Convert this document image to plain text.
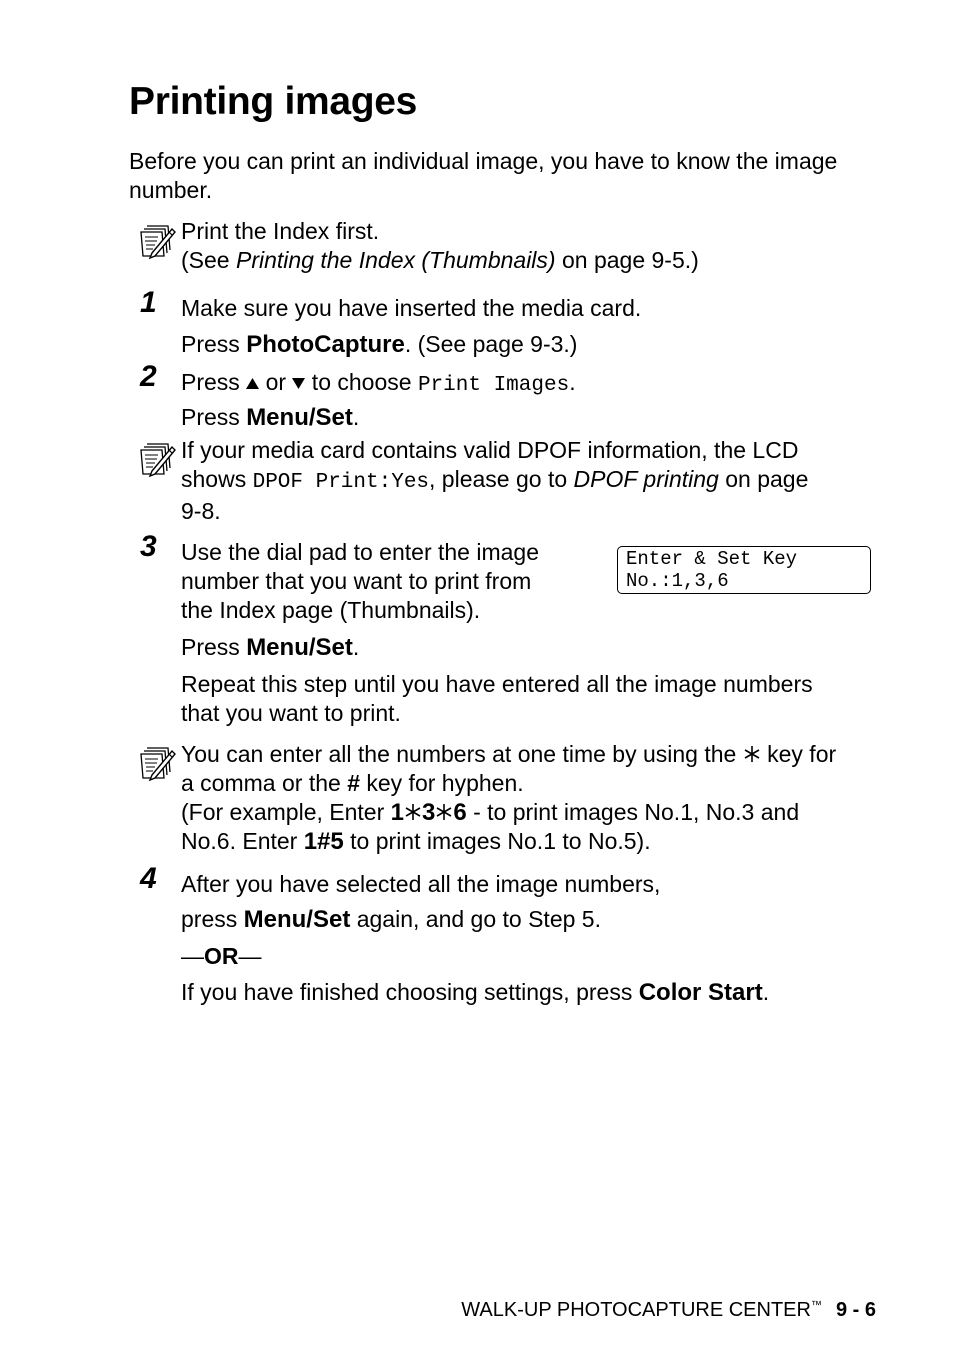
Printing images

Before you can print an individual image, you have to know the image number.

Print the Index first.
(See Printing the Index (Thumbnails) on page 9-5.)

1 Make sure you have inserted the media card.

Press PhotoCapture. (See page 9-3.)

2 Press  or  to choose Print Images.

Press Menu/Set.

If your media card contains valid DPOF information, the LCD
shows DPOF Print:Yes, please go to DPOF printing on page
9-8.

3 Use the dial pad to enter the image
number that you want to print from
the Index page (Thumbnails).

Enter & Set Key
No.:1,3,6

Press Menu/Set.

Repeat this step until you have entered all the image numbers
that you want to print.

You can enter all the numbers at one time by using the  key for
a comma or the # key for hyphen.
(For example, Enter 1 3 6 - to print images No.1, No.3 and
No.6. Enter 1#5 to print images No.1 to No.5).

4 After you have selected all the image numbers,

press Menu/Set again, and go to Step 5.

—OR—

If you have finished choosing settings, press Color Start.

WALK-UP PHOTOCAPTURE CENTER™ 9 - 6
